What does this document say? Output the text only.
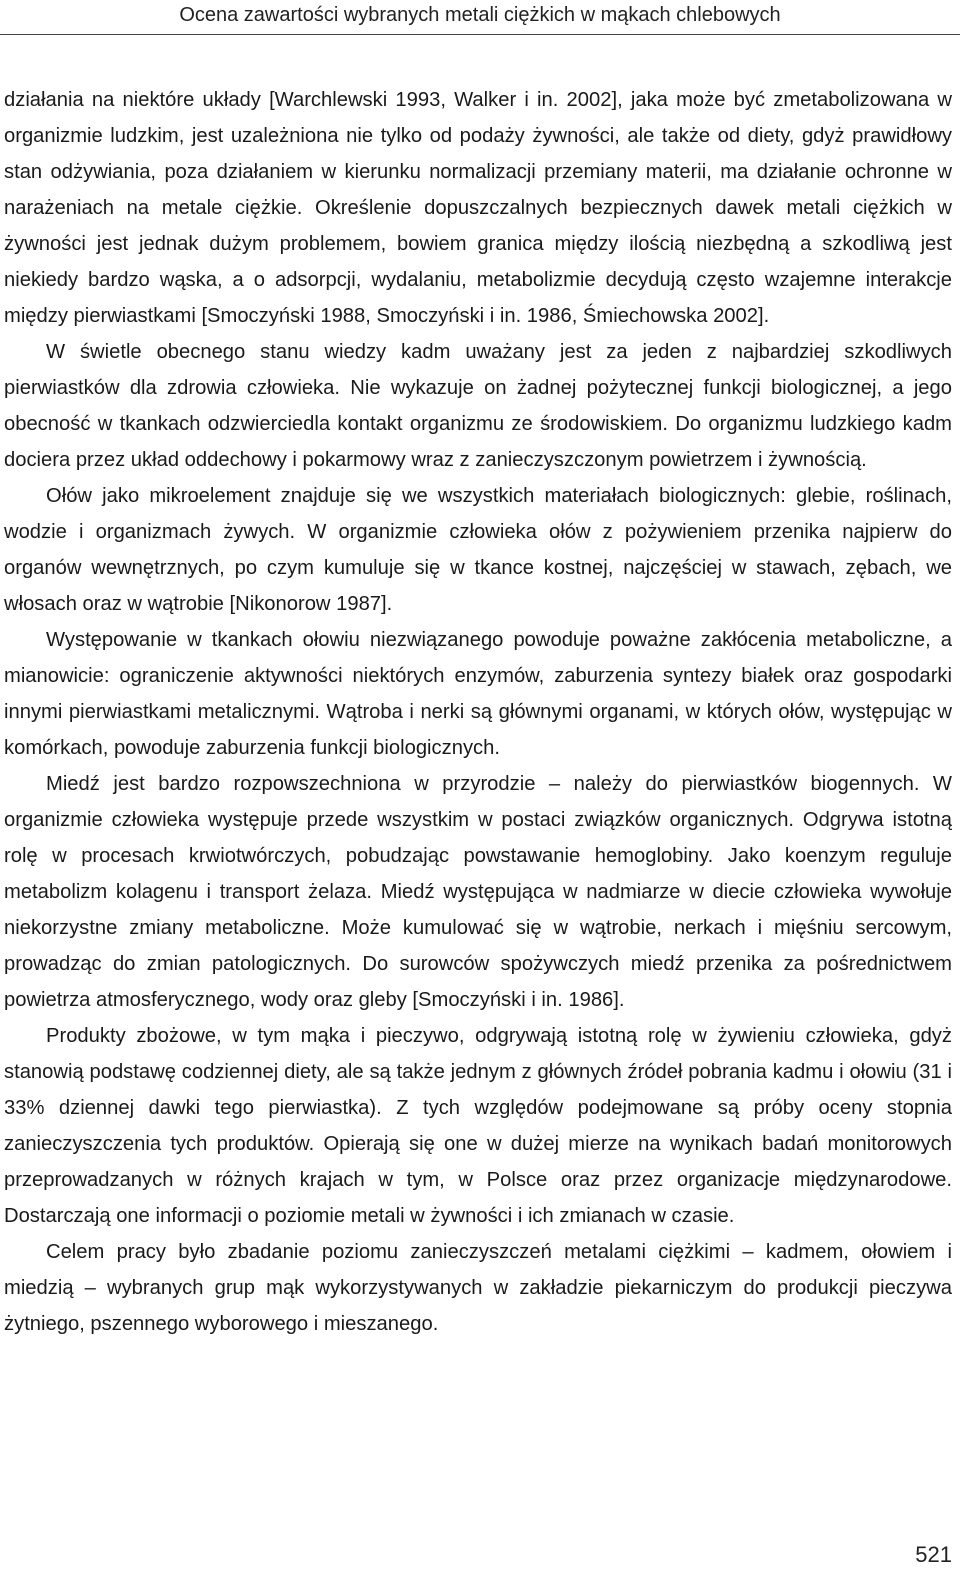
Ocena zawartości wybranych metali ciężkich w mąkach chlebowych

działania na niektóre układy [Warchlewski 1993, Walker i in. 2002], jaka może być zmetabolizowana w organizmie ludzkim, jest uzależniona nie tylko od podaży żywności, ale także od diety, gdyż prawidłowy stan odżywiania, poza działaniem w kierunku normalizacji przemiany materii, ma działanie ochronne w narażeniach na metale ciężkie. Określenie dopuszczalnych bezpiecznych dawek metali ciężkich w żywności jest jednak dużym problemem, bowiem granica między ilością niezbędną a szkodliwą jest niekiedy bardzo wąska, a o adsorpcji, wydalaniu, metabolizmie decydują często wzajemne interakcje między pierwiastkami [Smoczyński 1988, Smoczyński i in. 1986, Śmiechowska 2002].

W świetle obecnego stanu wiedzy kadm uważany jest za jeden z najbardziej szkodliwych pierwiastków dla zdrowia człowieka. Nie wykazuje on żadnej pożytecznej funkcji biologicznej, a jego obecność w tkankach odzwierciedla kontakt organizmu ze środowiskiem. Do organizmu ludzkiego kadm dociera przez układ oddechowy i pokarmowy wraz z zanieczyszczonym powietrzem i żywnością.

Ołów jako mikroelement znajduje się we wszystkich materiałach biologicznych: glebie, roślinach, wodzie i organizmach żywych. W organizmie człowieka ołów z pożywieniem przenika najpierw do organów wewnętrznych, po czym kumuluje się w tkance kostnej, najczęściej w stawach, zębach, we włosach oraz w wątrobie [Nikonorow 1987].

Występowanie w tkankach ołowiu niezwiązanego powoduje poważne zakłócenia metaboliczne, a mianowicie: ograniczenie aktywności niektórych enzymów, zaburzenia syntezy białek oraz gospodarki innymi pierwiastkami metalicznymi. Wątroba i nerki są głównymi organami, w których ołów, występując w komórkach, powoduje zaburzenia funkcji biologicznych.

Miedź jest bardzo rozpowszechniona w przyrodzie – należy do pierwiastków biogennych. W organizmie człowieka występuje przede wszystkim w postaci związków organicznych. Odgrywa istotną rolę w procesach krwiotwórczych, pobudzając powstawanie hemoglobiny. Jako koenzym reguluje metabolizm kolagenu i transport żelaza. Miedź występująca w nadmiarze w diecie człowieka wywołuje niekorzystne zmiany metaboliczne. Może kumulować się w wątrobie, nerkach i mięśniu sercowym, prowadząc do zmian patologicznych. Do surowców spożywczych miedź przenika za pośrednictwem powietrza atmosferycznego, wody oraz gleby [Smoczyński i in. 1986].

Produkty zbożowe, w tym mąka i pieczywo, odgrywają istotną rolę w żywieniu człowieka, gdyż stanowią podstawę codziennej diety, ale są także jednym z głównych źródeł pobrania kadmu i ołowiu (31 i 33% dziennej dawki tego pierwiastka). Z tych względów podejmowane są próby oceny stopnia zanieczyszczenia tych produktów. Opierają się one w dużej mierze na wynikach badań monitorowych przeprowadzanych w różnych krajach w tym, w Polsce oraz przez organizacje międzynarodowe. Dostarczają one informacji o poziomie metali w żywności i ich zmianach w czasie.

Celem pracy było zbadanie poziomu zanieczyszczeń metalami ciężkimi – kadmem, ołowiem i miedzią – wybranych grup mąk wykorzystywanych w zakładzie piekarniczym do produkcji pieczywa żytniego, pszennego wyborowego i mieszanego.

521
